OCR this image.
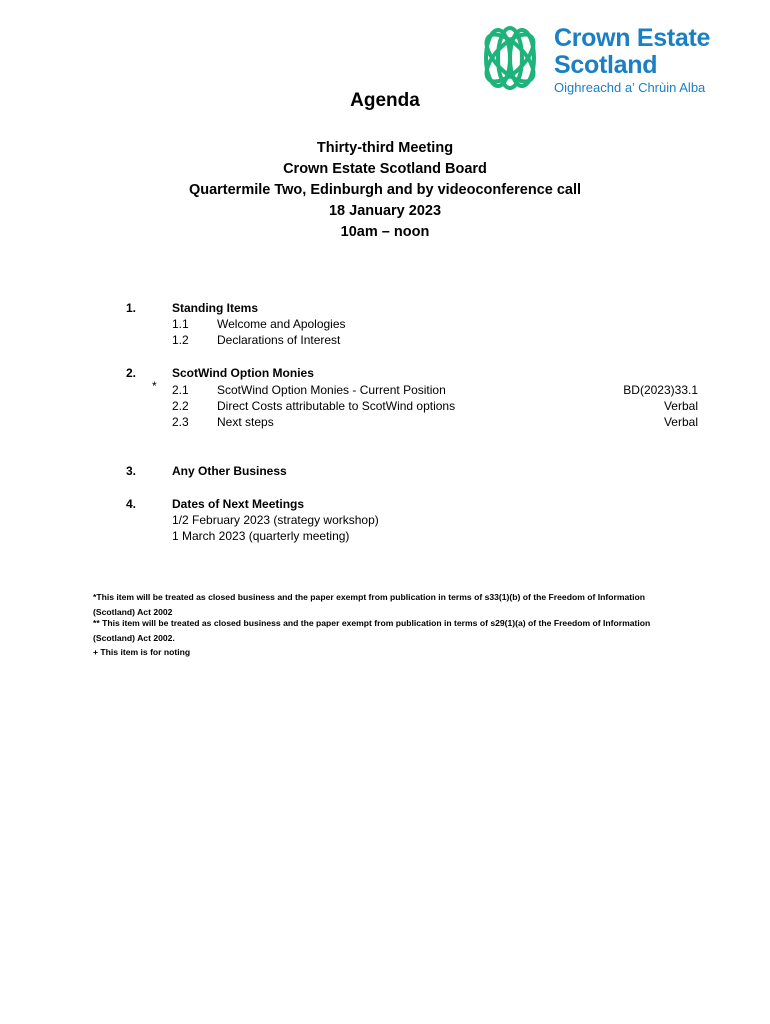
Crown Estate
Scotland
Oighreachd a’ Chrùin Alba
Agenda
Thirty-third Meeting
Crown Estate Scotland Board
Quartermile Two, Edinburgh and by videoconference call
18 January 2023
10am – noon
1.	Standing Items
1.1 Welcome and Apologies
1.2 Declarations of Interest
2.	ScotWind Option Monies
* 2.1 ScotWind Option Monies - Current Position	BD(2023)33.1
2.2 Direct Costs attributable to ScotWind options	Verbal
2.3 Next steps	Verbal
3.	Any Other Business
4.	Dates of Next Meetings
1/2 February 2023 (strategy workshop)
1 March 2023 (quarterly meeting)
*This item will be treated as closed business and the paper exempt from publication in terms of s33(1)(b) of the Freedom of Information
(Scotland) Act 2002
** This item will be treated as closed business and the paper exempt from publication in terms of s29(1)(a) of the Freedom of Information
(Scotland) Act 2002.
+ This item is for noting
